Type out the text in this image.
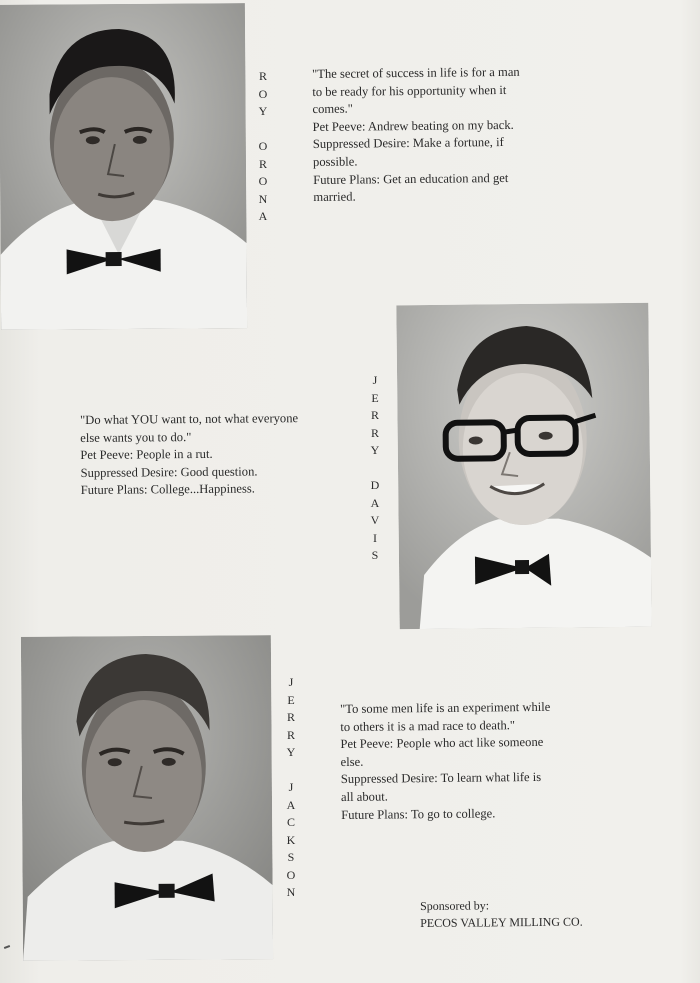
R
O
Y
O
R
O
N
A
"The secret of success in life is for a man
to be ready for his opportunity when it
comes."
Pet Peeve: Andrew beating on my back.
Suppressed Desire: Make a fortune, if
possible.
Future Plans: Get an education and get
married.
"Do what YOU want to, not what everyone
else wants you to do."
Pet Peeve: People in a rut.
Suppressed Desire: Good question.
Future Plans: College...Happiness.
J
E
R
R
Y
D
A
V
I
S
J
E
R
R
Y
J
A
C
K
S
O
N
"To some men life is an experiment while
to others it is a mad race to death."
Pet Peeve: People who act like someone
else.
Suppressed Desire: To learn what life is
all about.
Future Plans: To go to college.
Sponsored by:
PECOS VALLEY MILLING CO.
